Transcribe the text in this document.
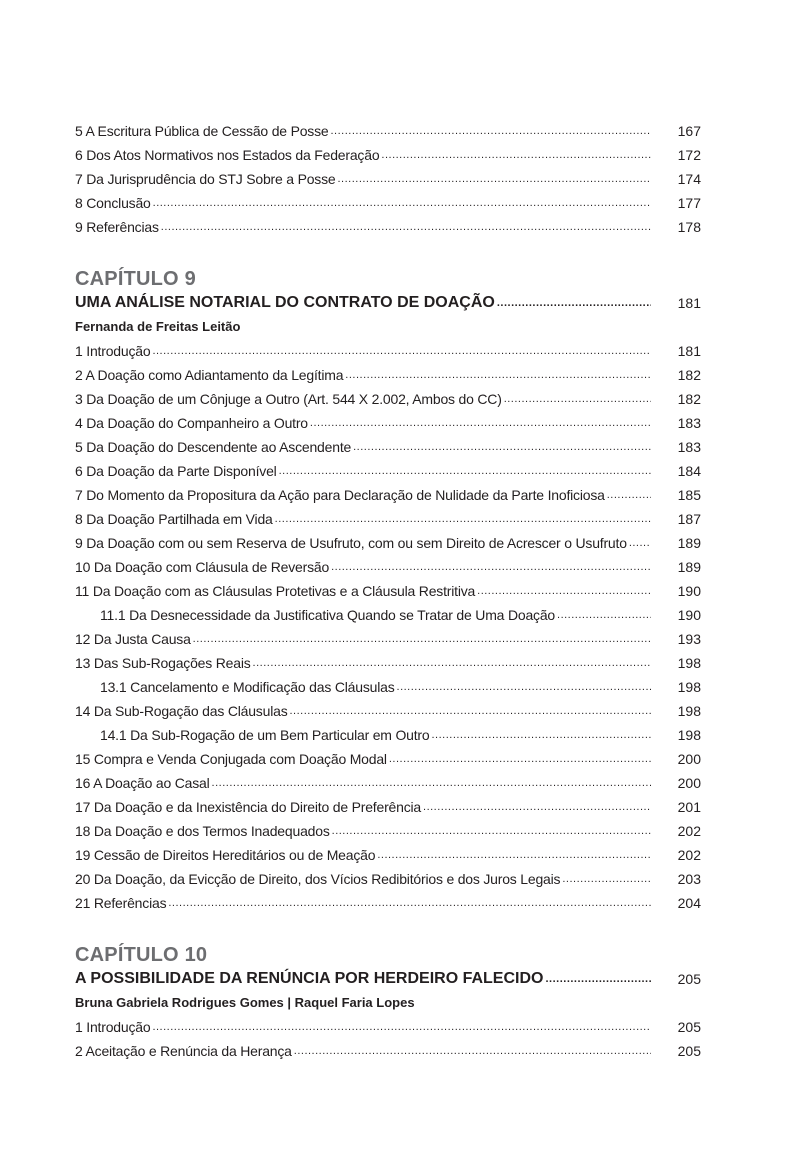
5 A Escritura Pública de Cessão de Posse .....	167
6 Dos Atos Normativos nos Estados da Federação .....	172
7 Da Jurisprudência do STJ Sobre a Posse .....	174
8 Conclusão .....	177
9 Referências .....	178
CAPÍTULO 9
UMA ANÁLISE NOTARIAL DO CONTRATO DE DOAÇÃO .....	181
Fernanda de Freitas Leitão
1 Introdução .....	181
2 A Doação como Adiantamento da Legítima .....	182
3 Da Doação de um Cônjuge a Outro (Art. 544 X 2.002, Ambos do CC) .....	182
4 Da Doação do Companheiro a Outro .....	183
5 Da Doação do Descendente ao Ascendente .....	183
6 Da Doação da Parte Disponível .....	184
7 Do Momento da Propositura da Ação para Declaração de Nulidade da Parte Inoficiosa .....	185
8 Da Doação Partilhada em Vida .....	187
9 Da Doação com ou sem Reserva de Usufruto, com ou sem Direito de Acrescer o Usufruto .....	189
10 Da Doação com Cláusula de Reversão .....	189
11 Da Doação com as Cláusulas Protetivas e a Cláusula Restritiva .....	190
11.1 Da Desnecessidade da Justificativa Quando se Tratar de Uma Doação .....	190
12 Da Justa Causa .....	193
13 Das Sub-Rogações Reais .....	198
13.1 Cancelamento e Modificação das Cláusulas .....	198
14 Da Sub-Rogação das Cláusulas .....	198
14.1 Da Sub-Rogação de um Bem Particular em Outro .....	198
15 Compra e Venda Conjugada com Doação Modal .....	200
16 A Doação ao Casal .....	200
17 Da Doação e da Inexistência do Direito de Preferência .....	201
18 Da Doação e dos Termos Inadequados .....	202
19 Cessão de Direitos Hereditários ou de Meação .....	202
20 Da Doação, da Evicção de Direito, dos Vícios Redibitórios e dos Juros Legais .....	203
21 Referências .....	204
CAPÍTULO 10
A POSSIBILIDADE DA RENÚNCIA POR HERDEIRO FALECIDO .....	205
Bruna Gabriela Rodrigues Gomes | Raquel Faria Lopes
1 Introdução .....	205
2 Aceitação e Renúncia da Herança .....	205
